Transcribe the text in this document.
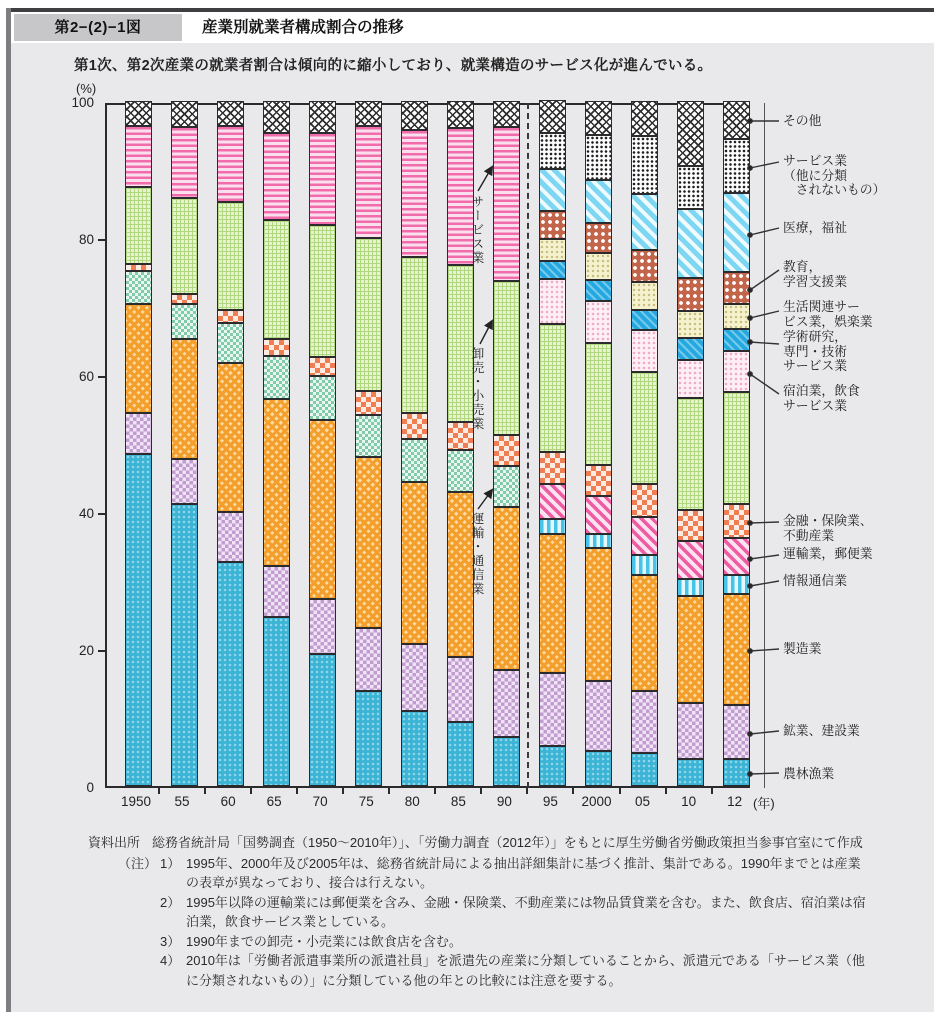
第2−(2)−1図	産業別就業者構成割合の推移
第1次、第2次産業の就業者割合は傾向的に縮小しており、就業構造のサービス化が進んでいる。
(%)
(年)
サービス業
卸売・小売業
運輸・通信業
その他
サービス業
（他に分類
　されないもの）
医療，福祉
教育，
学習支援業
生活関連サー
ビス業，娯楽業
学術研究，
専門・技術
サービス業
宿泊業，飲食
サービス業
金融・保険業、
不動産業
運輸業，郵便業
情報通信業
製造業
鉱業、建設業
農林漁業
資料出所 総務省統計局「国勢調査（1950～2010年）」、「労働力調査（2012年）」をもとに厚生労働省労働政策担当参事官室にて作成
（注） 1） 1995年、2000年及び2005年は、総務省統計局による抽出詳細集計に基づく推計、集計である。1990年までとは産業の表章が異なっており、接合は行えない。
2） 1995年以降の運輸業には郵便業を含み、金融・保険業、不動産業には物品賃貸業を含む。また、飲食店、宿泊業は宿泊業，飲食サービス業としている。
3） 1990年までの卸売・小売業には飲食店を含む。
4） 2010年は「労働者派遣事業所の派遣社員」を派遣先の産業に分類していることから、派遣元である「サービス業（他に分類されないもの）」に分類している他の年との比較には注意を要する。
1950	55	60	65	70	75	80	85	90	95	2000	05	10	12
0
20
40
60
80
100
